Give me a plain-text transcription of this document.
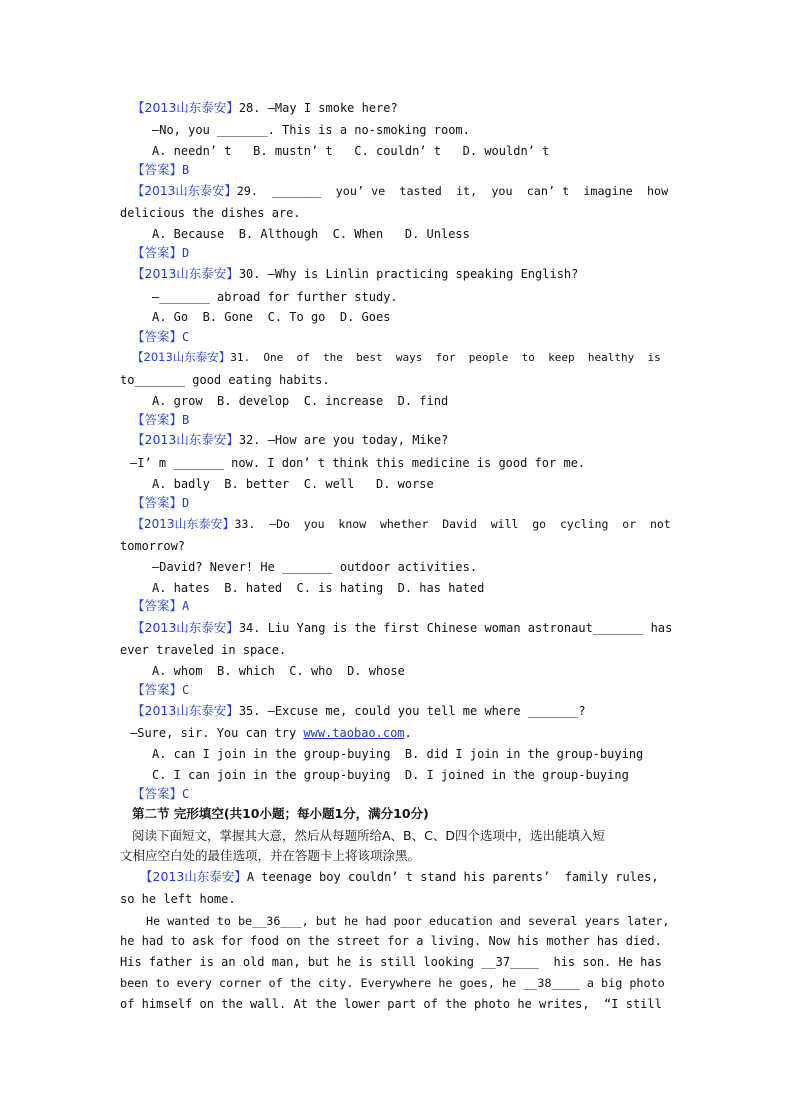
【2013山东泰安】28. —May I smoke here?
—No, you _______. This is a no-smoking room.
A. needn’ t   B. mustn’ t   C. couldn’ t   D. wouldn’ t
【答案】B
【2013山东泰安】29.  _______  you’ ve  tasted  it,  you  can’ t  imagine  how
delicious the dishes are.
A. Because  B. Although  C. When   D. Unless
【答案】D
【2013山东泰安】30. —Why is Linlin practicing speaking English?
—_______ abroad for further study.
A. Go  B. Gone  C. To go  D. Goes
【答案】C
【2013山东泰安】31.  One  of  the  best  ways  for  people  to  keep  healthy  is
to_______ good eating habits.
A. grow  B. develop  C. increase  D. find
【答案】B
【2013山东泰安】32. —How are you today, Mike?
—I’ m _______ now. I don’ t think this medicine is good for me.
A. badly  B. better  C. well   D. worse
【答案】D
【2013山东泰安】33.  —Do  you  know  whether  David  will  go  cycling  or  not
tomorrow?
—David? Never! He _______ outdoor activities.
A. hates  B. hated  C. is hating  D. has hated
【答案】A
【2013山东泰安】34. Liu Yang is the first Chinese woman astronaut_______ has
ever traveled in space.
A. whom  B. which  C. who  D. whose
【答案】C
【2013山东泰安】35. —Excuse me, could you tell me where _______?
—Sure, sir. You can try www.taobao.com.
A. can I join in the group-buying  B. did I join in the group-buying
C. I can join in the group-buying  D. I joined in the group-buying
【答案】C
第二节 完形填空(共10小题；每小题1分，满分10分)
阅读下面短文，掌握其大意，然后从每题所给A、B、C、D四个选项中，选出能填入短
文相应空白处的最佳选项，并在答题卡上将该项涂黑。
【2013山东泰安】A teenage boy couldn’ t stand his parents’  family rules,
so he left home.
He wanted to be__36___, but he had poor education and several years later,
he had to ask for food on the street for a living. Now his mother has died.
His father is an old man, but he is still looking __37____  his son. He has
been to every corner of the city. Everywhere he goes, he __38____ a big photo
of himself on the wall. At the lower part of the photo he writes,  “I still
